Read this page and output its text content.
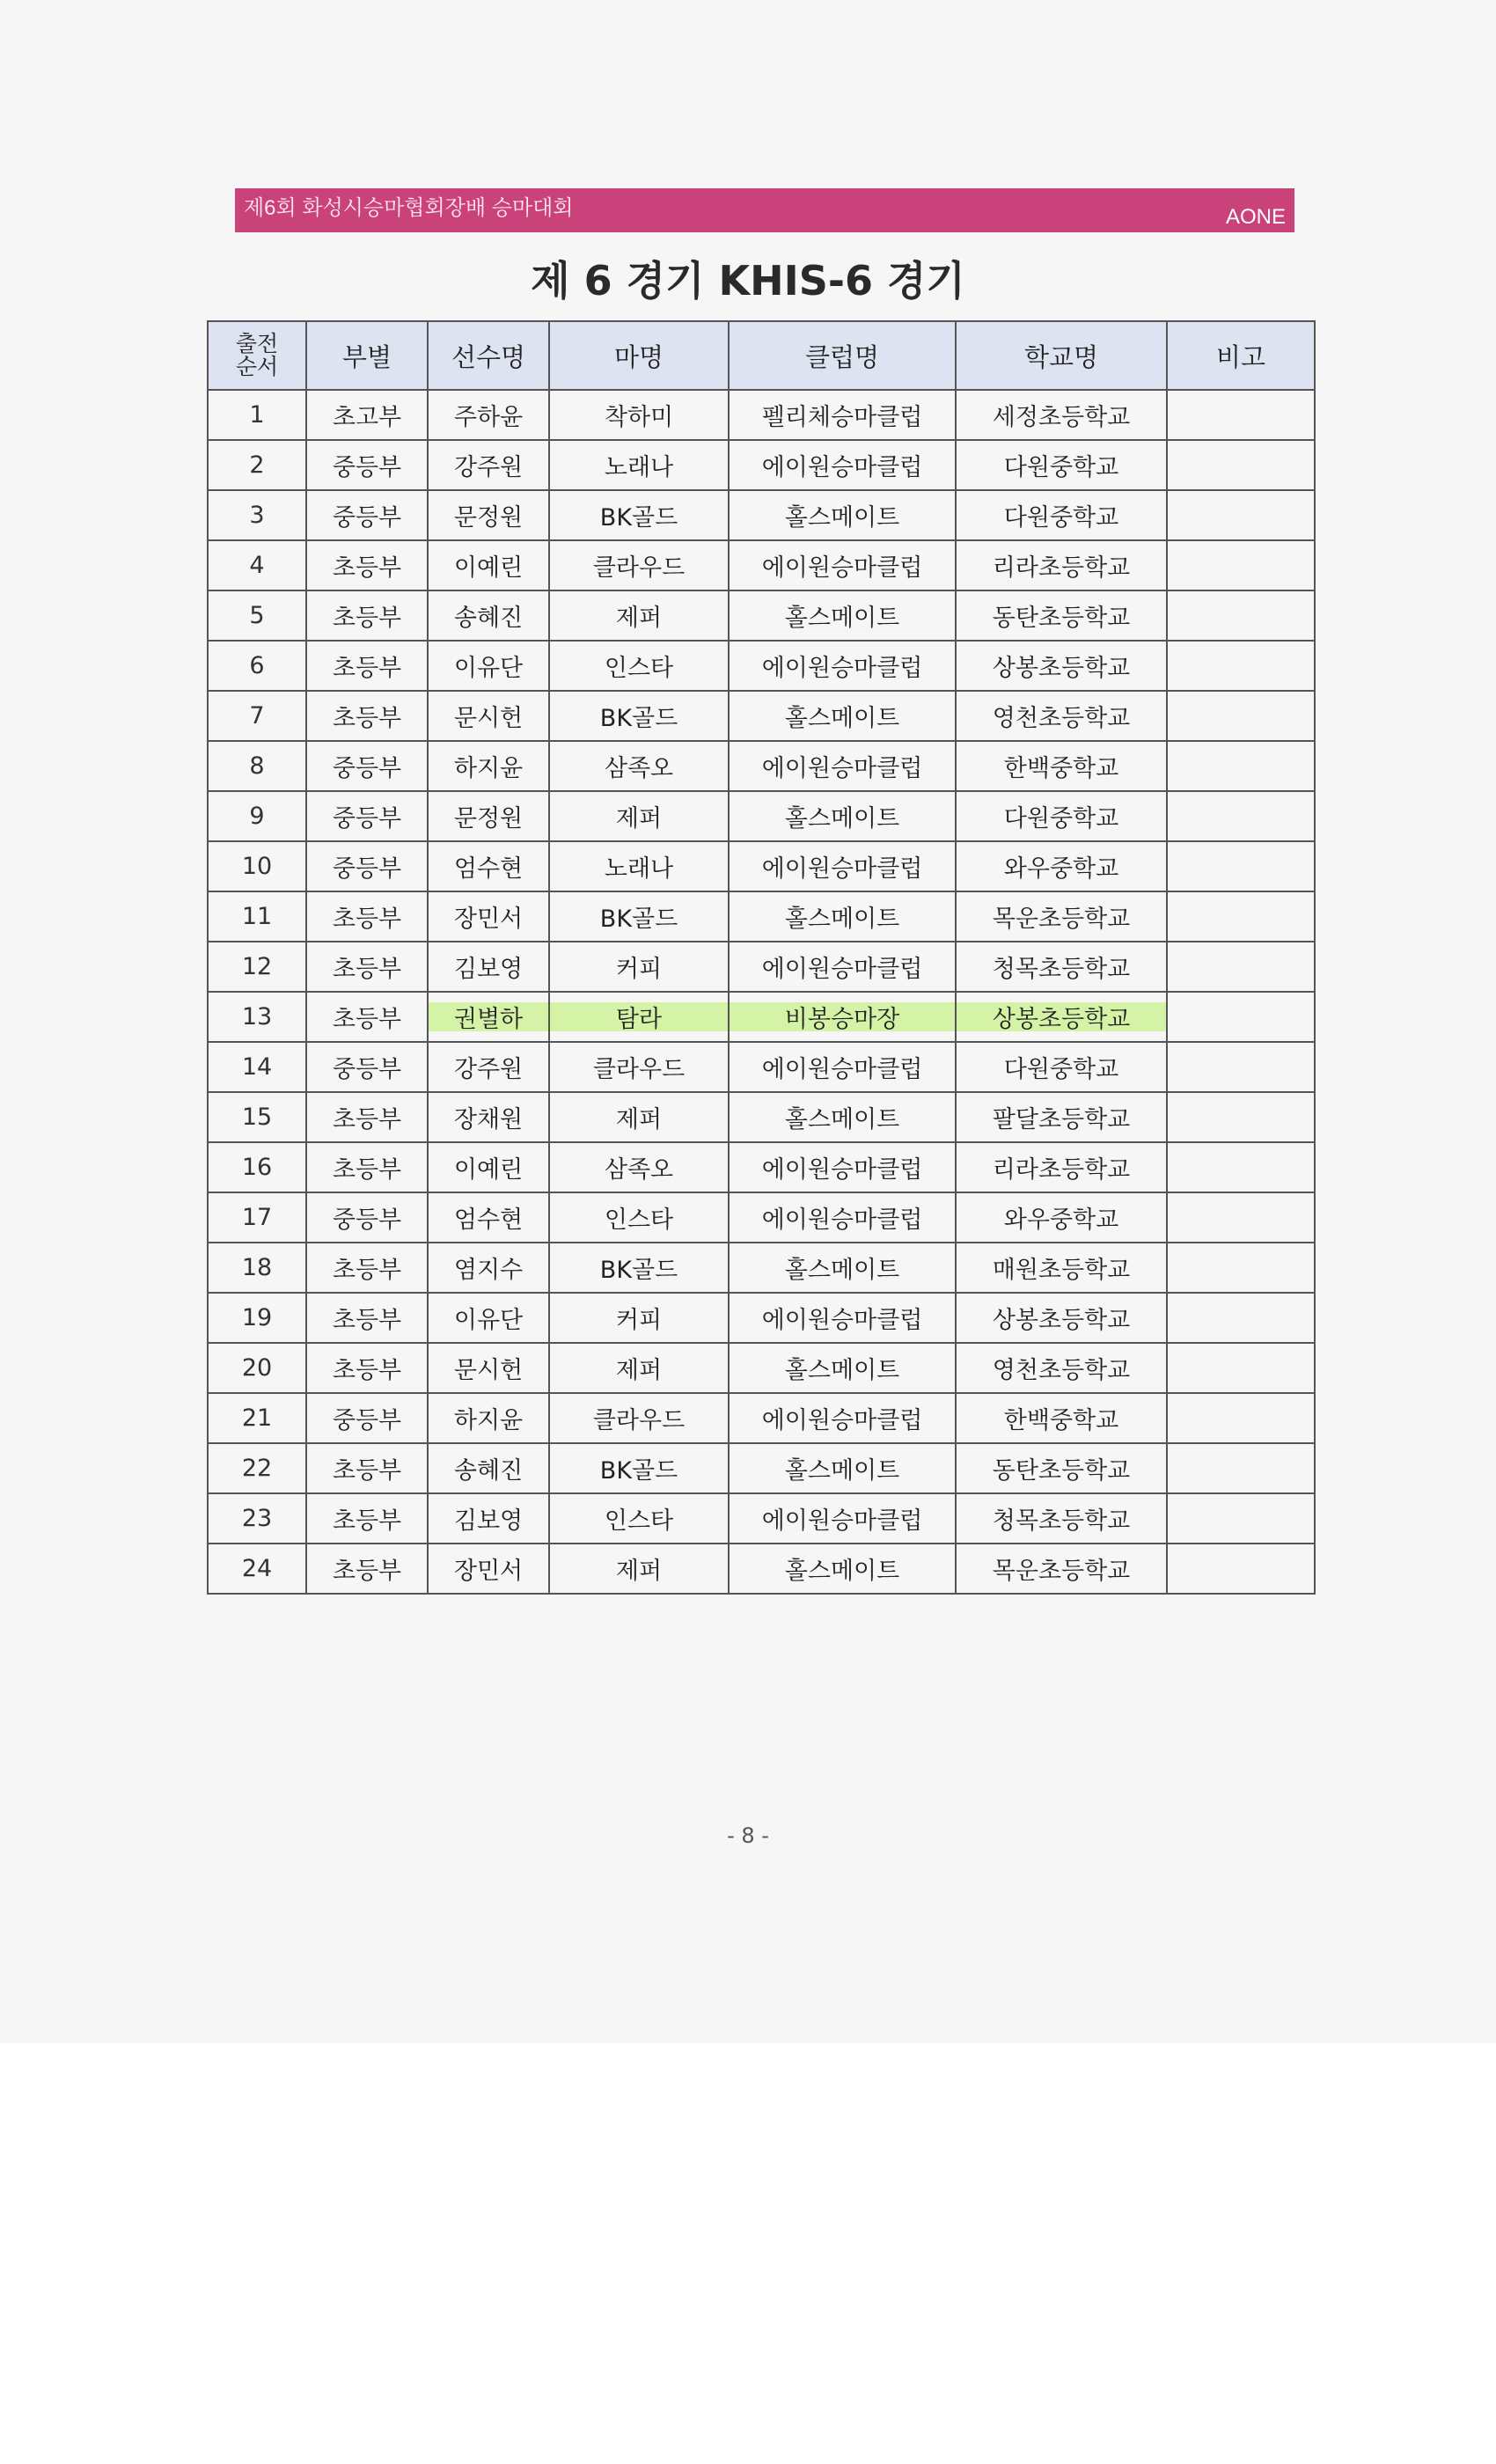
제6회 화성시승마협회장배 승마대회	AONE
제 6 경기 KHIS-6 경기
출전
순서	부별	선수명	마명	클럽명	학교명	비고
1	초고부	주하윤	착하미	펠리체승마클럽	세정초등학교	
2	중등부	강주원	노래나	에이원승마클럽	다원중학교	
3	중등부	문정원	BK골드	홀스메이트	다원중학교	
4	초등부	이예린	클라우드	에이원승마클럽	리라초등학교	
5	초등부	송혜진	제퍼	홀스메이트	동탄초등학교	
6	초등부	이유단	인스타	에이원승마클럽	상봉초등학교	
7	초등부	문시헌	BK골드	홀스메이트	영천초등학교	
8	중등부	하지윤	삼족오	에이원승마클럽	한백중학교	
9	중등부	문정원	제퍼	홀스메이트	다원중학교	
10	중등부	엄수현	노래나	에이원승마클럽	와우중학교	
11	초등부	장민서	BK골드	홀스메이트	목운초등학교	
12	초등부	김보영	커피	에이원승마클럽	청목초등학교	
13	초등부	권별하	탐라	비봉승마장	상봉초등학교	
14	중등부	강주원	클라우드	에이원승마클럽	다원중학교	
15	초등부	장채원	제퍼	홀스메이트	팔달초등학교	
16	초등부	이예린	삼족오	에이원승마클럽	리라초등학교	
17	중등부	엄수현	인스타	에이원승마클럽	와우중학교	
18	초등부	염지수	BK골드	홀스메이트	매원초등학교	
19	초등부	이유단	커피	에이원승마클럽	상봉초등학교	
20	초등부	문시헌	제퍼	홀스메이트	영천초등학교	
21	중등부	하지윤	클라우드	에이원승마클럽	한백중학교	
22	초등부	송혜진	BK골드	홀스메이트	동탄초등학교	
23	초등부	김보영	인스타	에이원승마클럽	청목초등학교	
24	초등부	장민서	제퍼	홀스메이트	목운초등학교	
- 8 -
